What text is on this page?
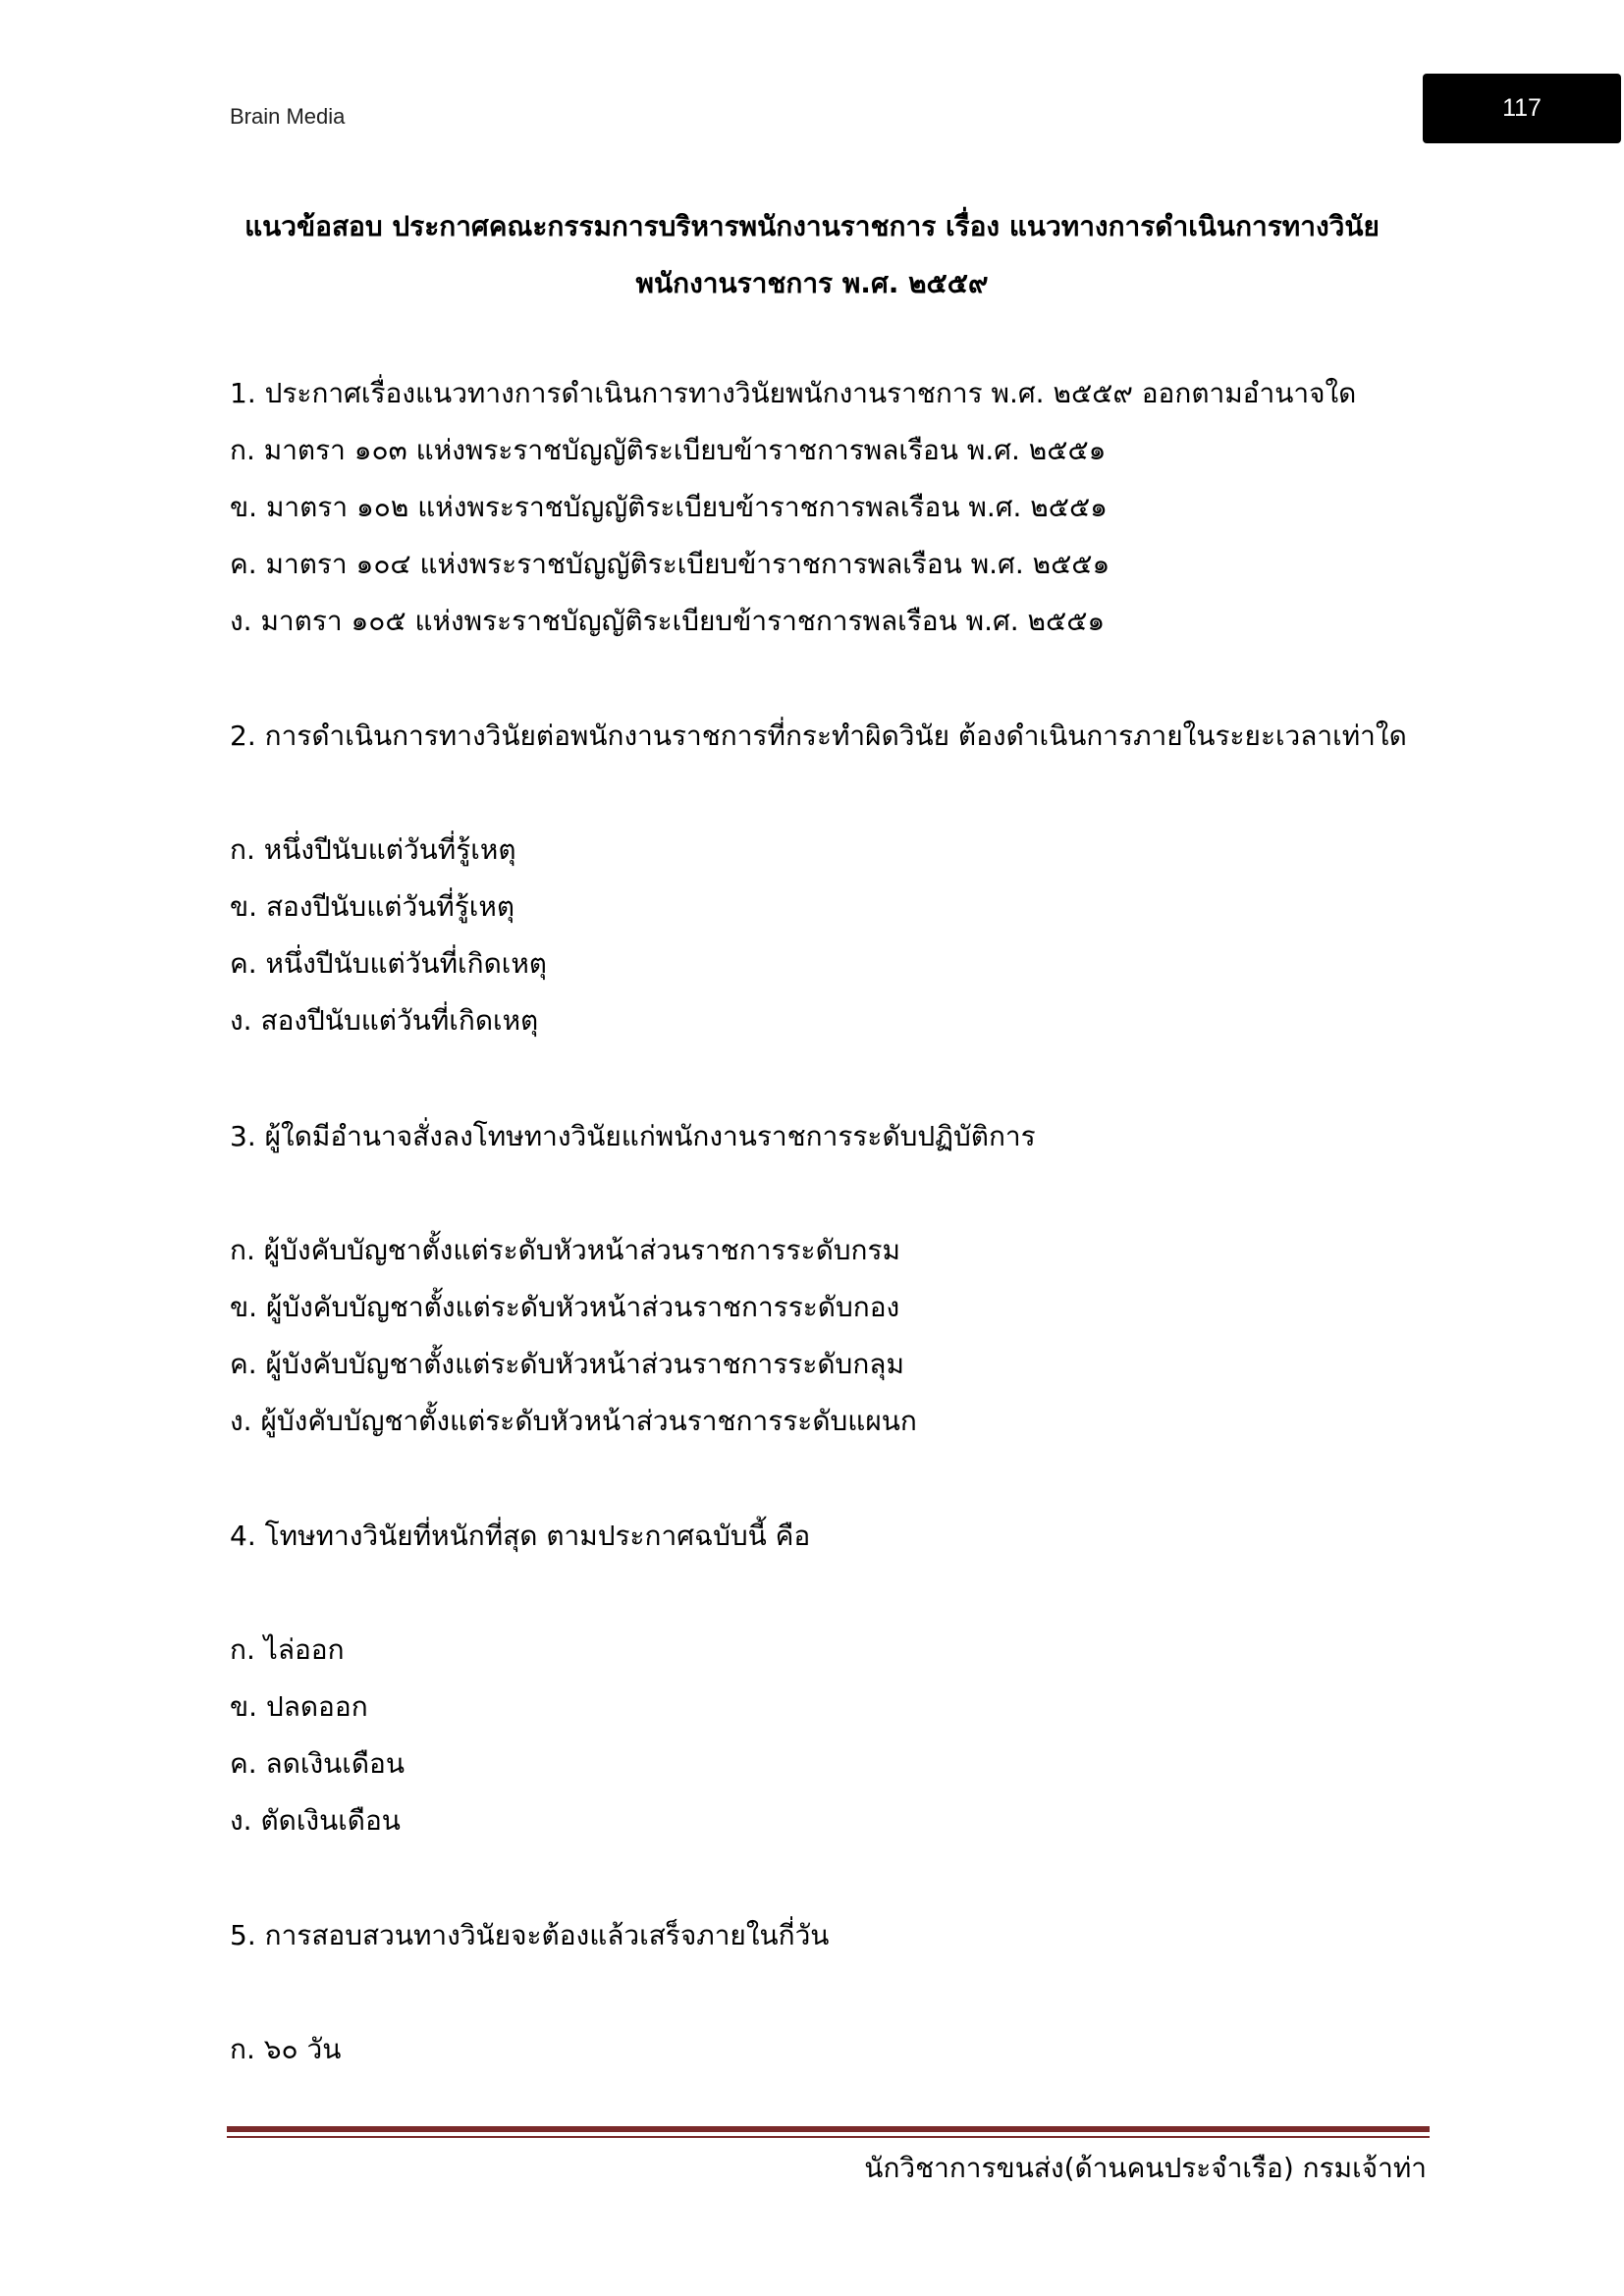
Brain Media	117
แนวข้อสอบ ประกาศคณะกรรมการบริหารพนักงานราชการ เรื่อง แนวทางการดำเนินการทางวินัย
พนักงานราชการ พ.ศ. ๒๕๕๙
1. ประกาศเรื่องแนวทางการดำเนินการทางวินัยพนักงานราชการ พ.ศ. ๒๕๕๙ ออกตามอำนาจใด
ก. มาตรา ๑๐๓ แห่งพระราชบัญญัติระเบียบข้าราชการพลเรือน พ.ศ. ๒๕๕๑
ข. มาตรา ๑๐๒ แห่งพระราชบัญญัติระเบียบข้าราชการพลเรือน พ.ศ. ๒๕๕๑
ค. มาตรา ๑๐๔ แห่งพระราชบัญญัติระเบียบข้าราชการพลเรือน พ.ศ. ๒๕๕๑
ง. มาตรา ๑๐๕ แห่งพระราชบัญญัติระเบียบข้าราชการพลเรือน พ.ศ. ๒๕๕๑
2. การดำเนินการทางวินัยต่อพนักงานราชการที่กระทำผิดวินัย ต้องดำเนินการภายในระยะเวลาเท่าใด
ก. หนึ่งปีนับแต่วันที่รู้เหตุ
ข. สองปีนับแต่วันที่รู้เหตุ
ค. หนึ่งปีนับแต่วันที่เกิดเหตุ
ง. สองปีนับแต่วันที่เกิดเหตุ
3. ผู้ใดมีอำนาจสั่งลงโทษทางวินัยแก่พนักงานราชการระดับปฏิบัติการ
ก. ผู้บังคับบัญชาตั้งแต่ระดับหัวหน้าส่วนราชการระดับกรม
ข. ผู้บังคับบัญชาตั้งแต่ระดับหัวหน้าส่วนราชการระดับกอง
ค. ผู้บังคับบัญชาตั้งแต่ระดับหัวหน้าส่วนราชการระดับกลุม
ง. ผู้บังคับบัญชาตั้งแต่ระดับหัวหน้าส่วนราชการระดับแผนก
4. โทษทางวินัยที่หนักที่สุด ตามประกาศฉบับนี้ คือ
ก. ไล่ออก
ข. ปลดออก
ค. ลดเงินเดือน
ง. ตัดเงินเดือน
5. การสอบสวนทางวินัยจะต้องแล้วเสร็จภายในกี่วัน
ก. ๖๐ วัน
นักวิชาการขนส่ง(ด้านคนประจำเรือ) กรมเจ้าท่า
